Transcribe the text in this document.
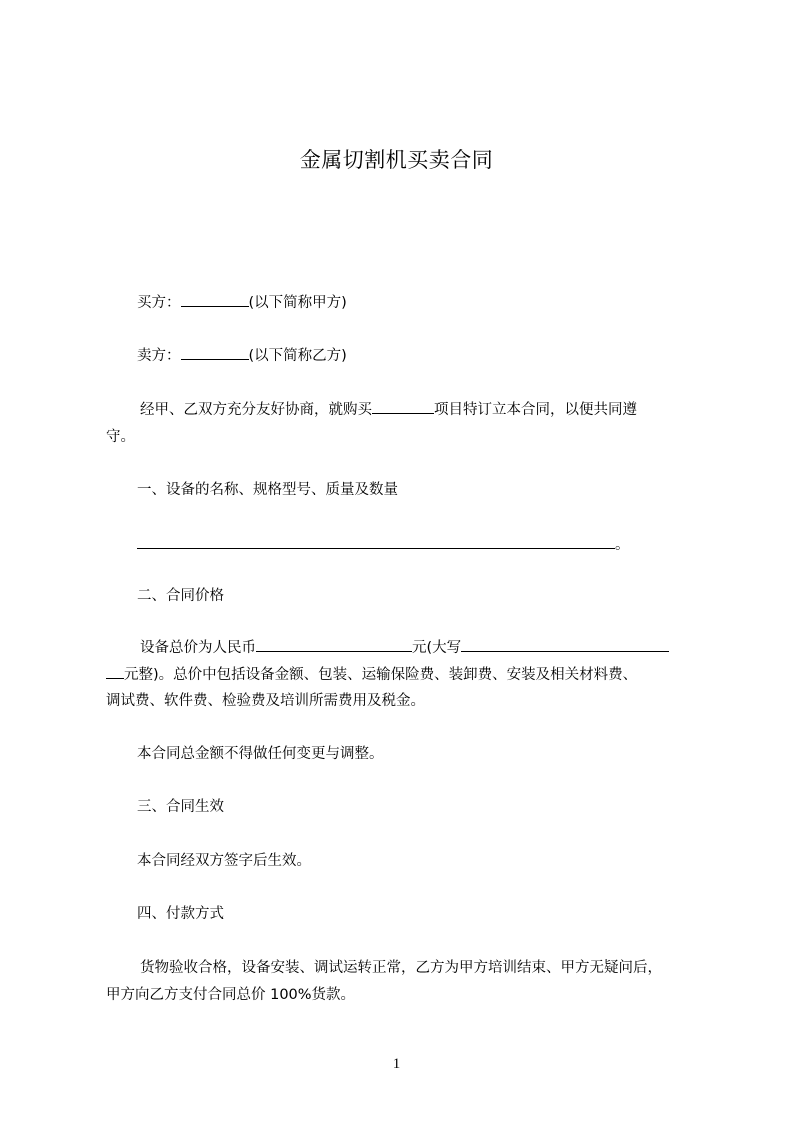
金属切割机买卖合同
买方：	(以下简称甲方)
卖方：	(以下简称乙方)
经甲、乙双方充分友好协商，就购买	项目特订立本合同，以便共同遵
守。
一、设备的名称、规格型号、质量及数量
。
二、合同价格
设备总价为人民币	元(大写
元整)。总价中包括设备金额、包装、运输保险费、装卸费、安装及相关材料费、
调试费、软件费、检验费及培训所需费用及税金。
本合同总金额不得做任何变更与调整。
三、合同生效
本合同经双方签字后生效。
四、付款方式
货物验收合格，设备安装、调试运转正常，乙方为甲方培训结束、甲方无疑问后，
甲方向乙方支付合同总价 100%货款。
1
